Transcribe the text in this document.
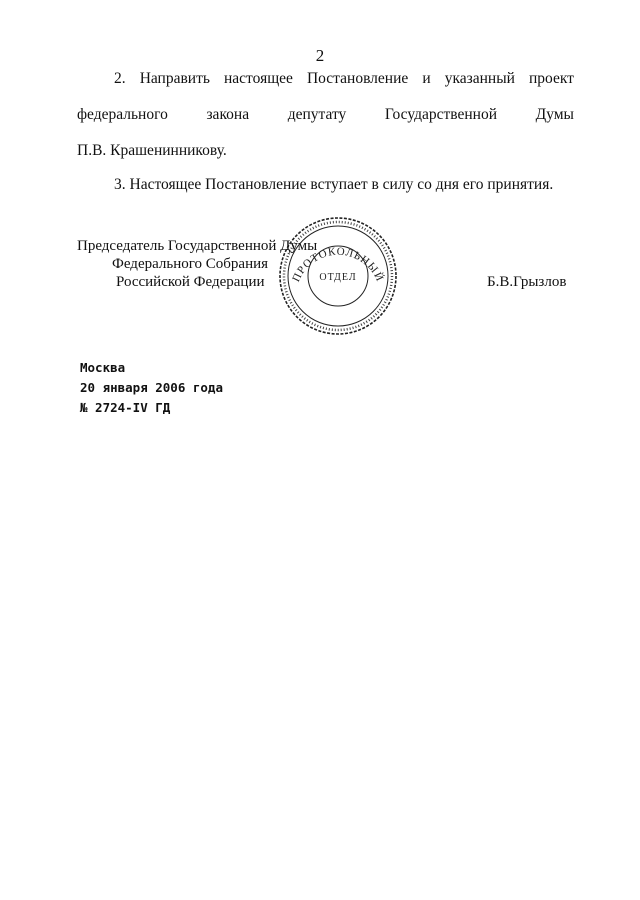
2
2. Направить настоящее Постановление и указанный проект
федерального закона депутату Государственной Думы
П.В. Крашенинникову.
3. Настоящее Постановление вступает в силу со дня его принятия.
ПРОТОКОЛЬНЫЙ
ОТДЕЛ
Председатель Государственной Думы
Федерального Собрания
Российской Федерации	Б.В.Грызлов
Москва
20 января 2006 года
№ 2724-IV ГД
